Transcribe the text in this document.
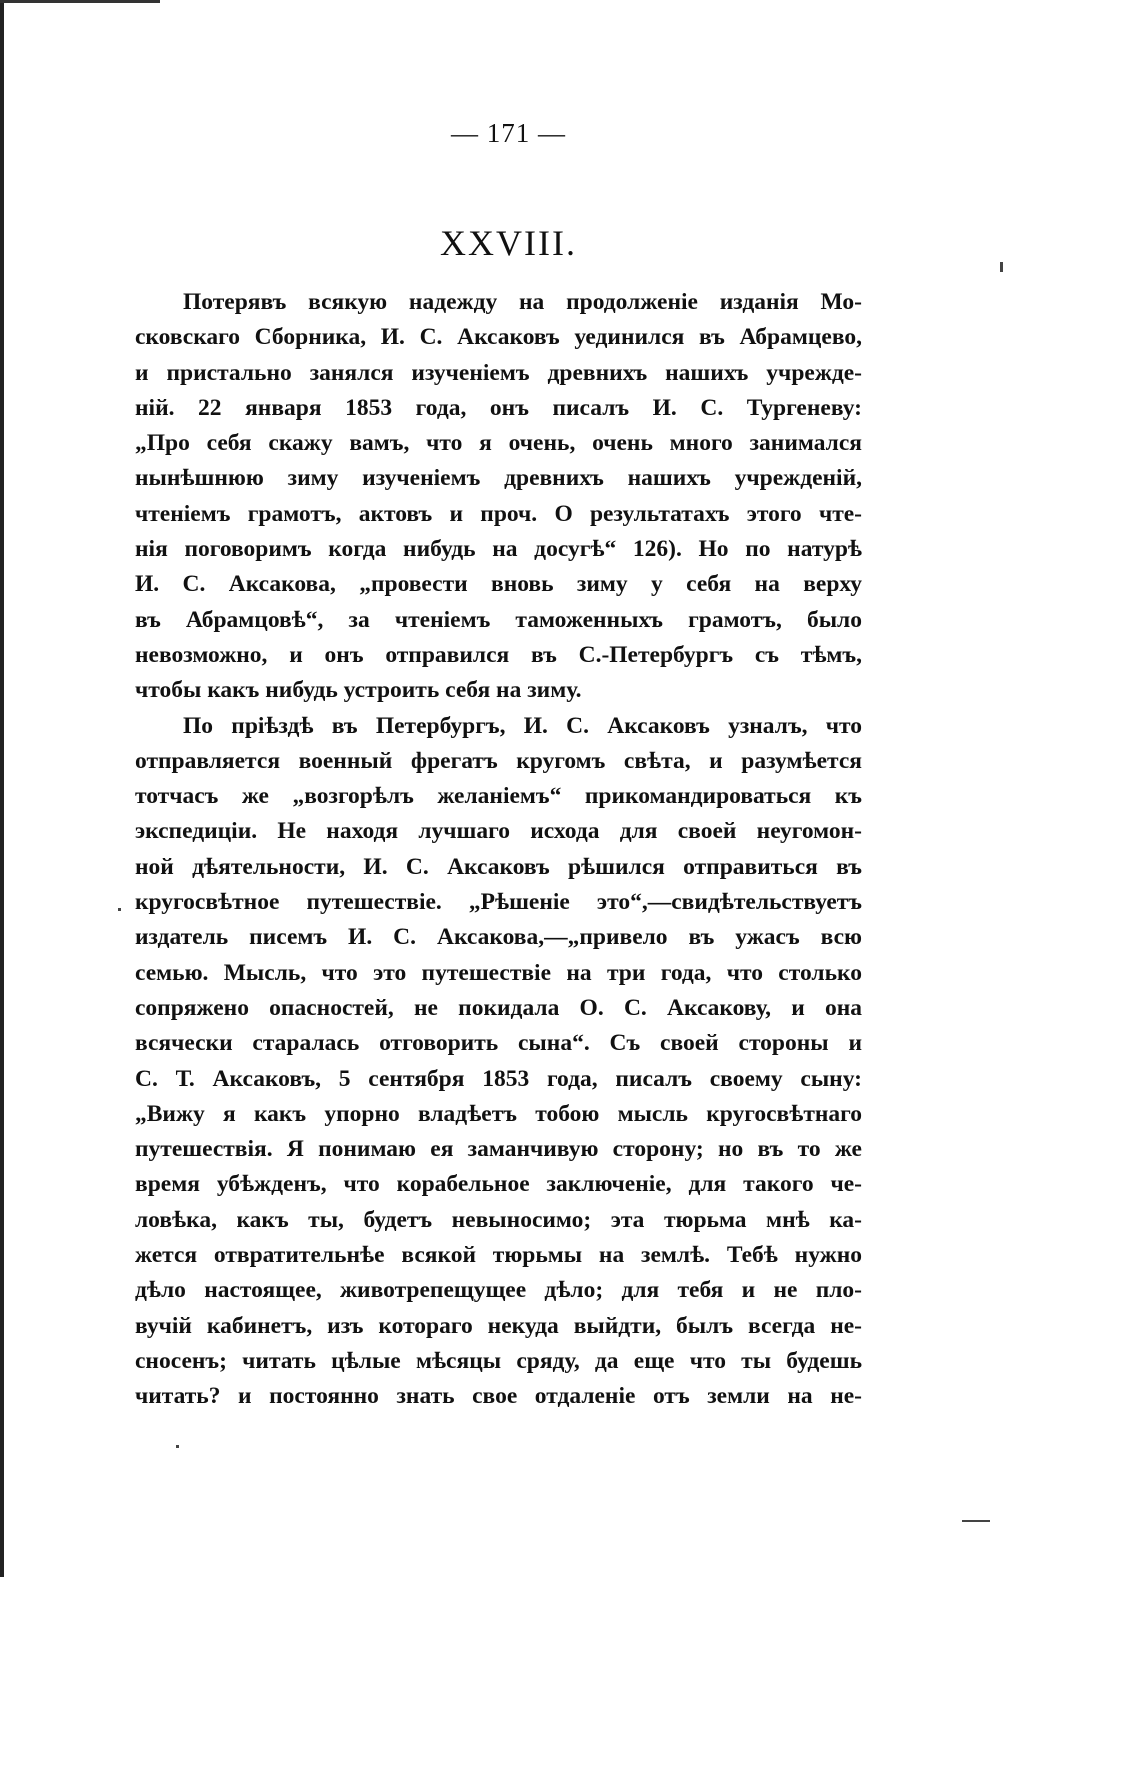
— 171 —
XXVIII.
Потерявъ всякую надежду на продолженіе изданія Мо-
сковскаго Сборника, И. С. Аксаковъ уединился въ Абрамцево,
и пристально занялся изученіемъ древнихъ нашихъ учрежде-
ній. 22 января 1853 года, онъ писалъ И. С. Тургеневу:
„Про себя скажу вамъ, что я очень, очень много занимался
нынѣшнюю зиму изученіемъ древнихъ нашихъ учрежденій,
чтеніемъ грамотъ, актовъ и проч. О результатахъ этого чте-
нія поговоримъ когда нибудь на досугѣ“ 126). Но по натурѣ
И. С. Аксакова, „провести вновь зиму у себя на верху
въ Абрамцовѣ“, за чтеніемъ таможенныхъ грамотъ, было
невозможно, и онъ отправился въ С.-Петербургъ съ тѣмъ,
чтобы какъ нибудь устроить себя на зиму.
По пріѣздѣ въ Петербургъ, И. С. Аксаковъ узналъ, что
отправляется военный фрегатъ кругомъ свѣта, и разумѣется
тотчасъ же „возгорѣлъ желаніемъ“ прикомандироваться къ
экспедиціи. Не находя лучшаго исхода для своей неугомон-
ной дѣятельности, И. С. Аксаковъ рѣшился отправиться въ
кругосвѣтное путешествіе. „Рѣшеніе это“,—свидѣтельствуетъ
издатель писемъ И. С. Аксакова,—„привело въ ужасъ всю
семью. Мысль, что это путешествіе на три года, что столько
сопряжено опасностей, не покидала О. С. Аксакову, и она
всячески старалась отговорить сына“. Съ своей стороны и
С. Т. Аксаковъ, 5 сентября 1853 года, писалъ своему сыну:
„Вижу я какъ упорно владѣетъ тобою мысль кругосвѣтнаго
путешествія. Я понимаю ея заманчивую сторону; но въ то же
время убѣжденъ, что корабельное заключеніе, для такого че-
ловѣка, какъ ты, будетъ невыносимо; эта тюрьма мнѣ ка-
жется отвратительнѣе всякой тюрьмы на землѣ. Тебѣ нужно
дѣло настоящее, животрепещущее дѣло; для тебя и не пло-
вучій кабинетъ, изъ котораго некуда выйдти, былъ всегда не-
сносенъ; читать цѣлые мѣсяцы сряду, да еще что ты будешь
читать? и постоянно знать свое отдаленіе отъ земли на не-
